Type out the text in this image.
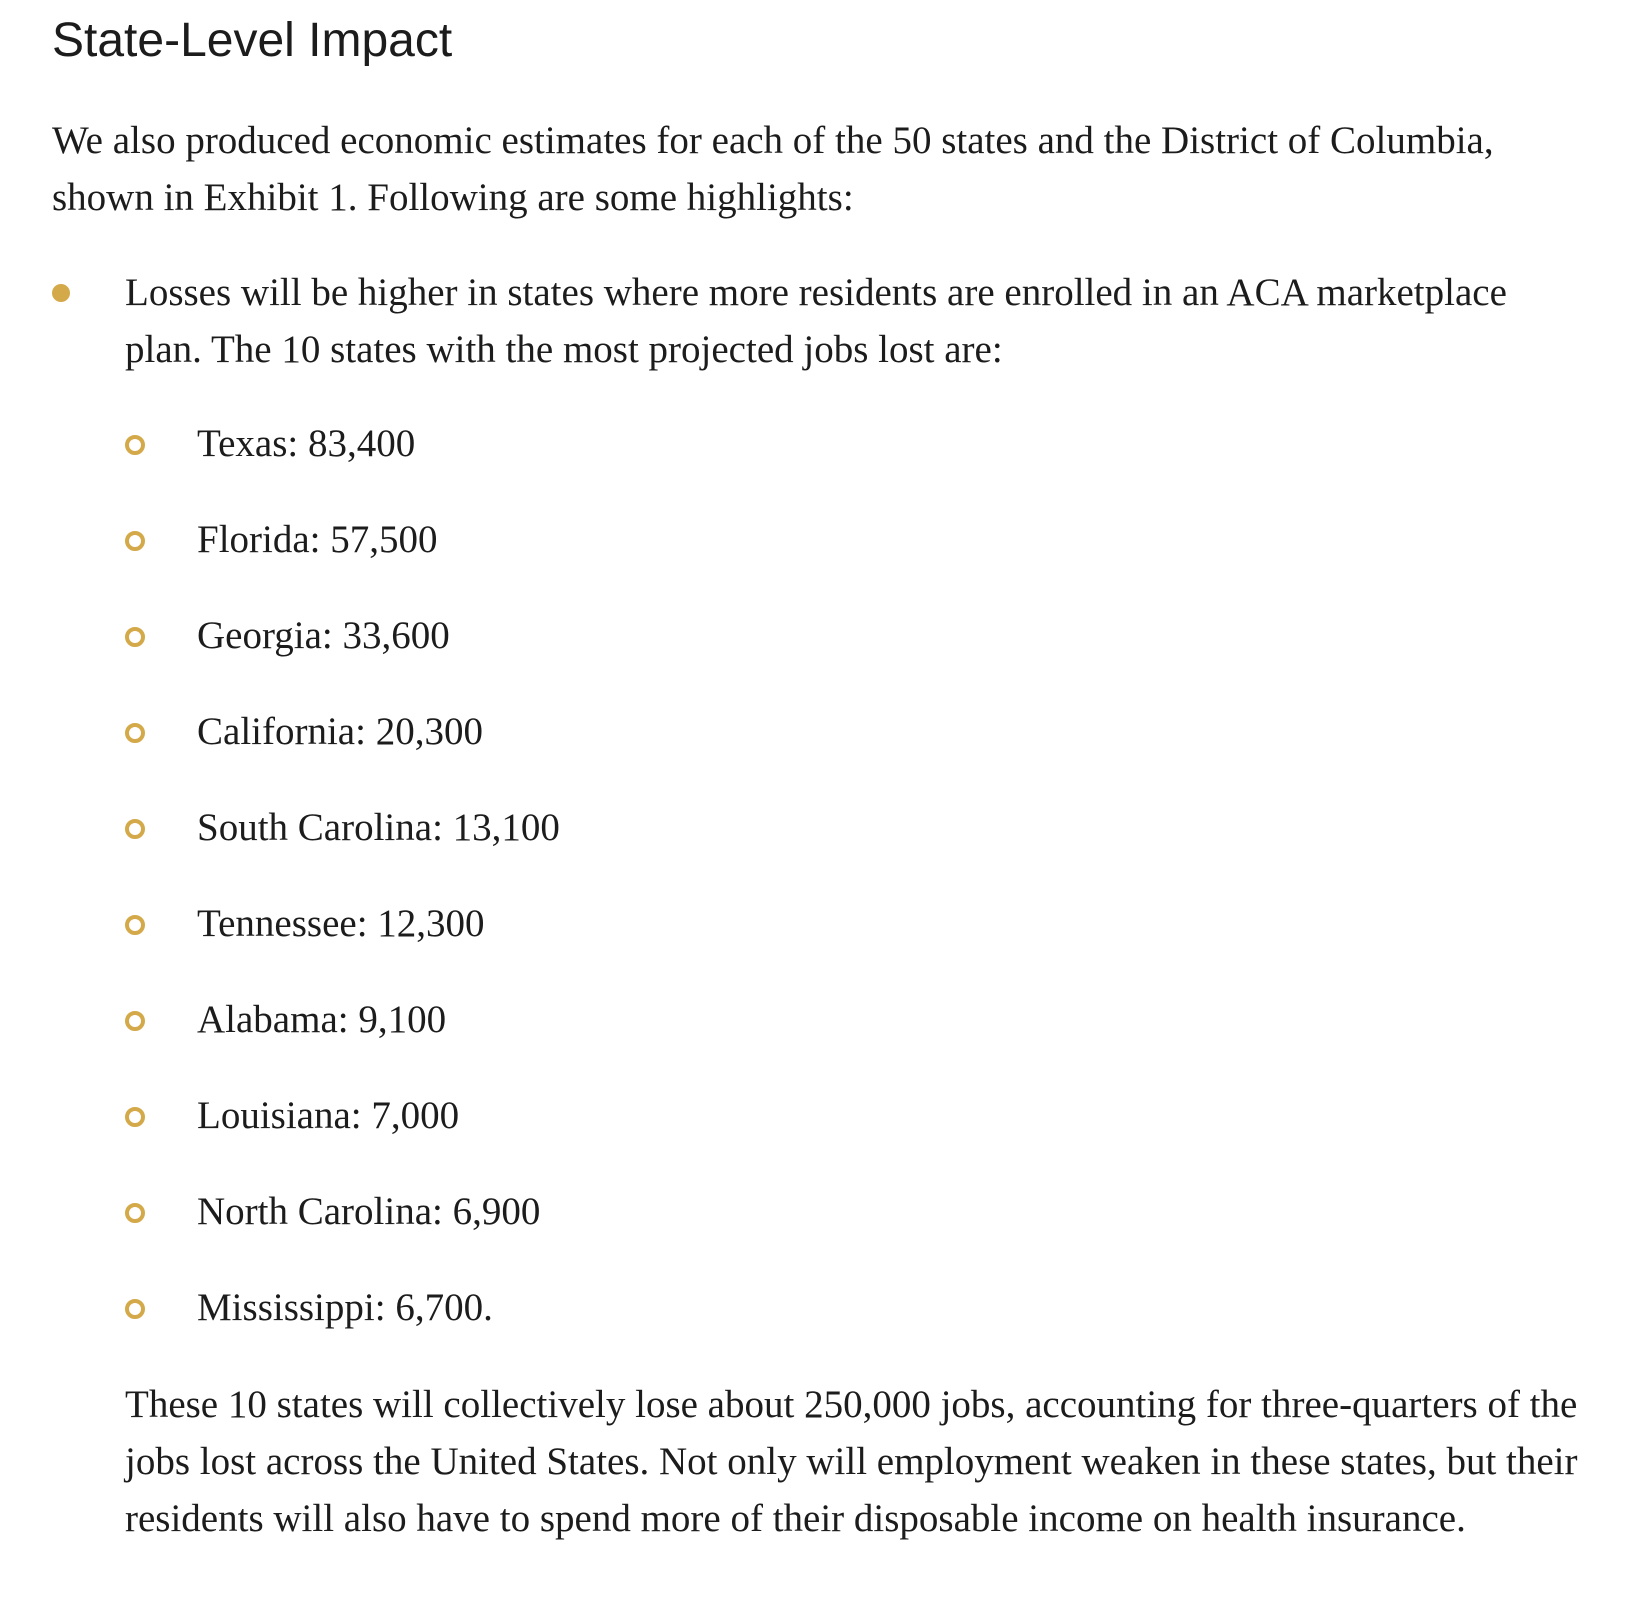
State-Level Impact

We also produced economic estimates for each of the 50 states and the District of Columbia, shown in Exhibit 1. Following are some highlights:

Losses will be higher in states where more residents are enrolled in an ACA marketplace plan. The 10 states with the most projected jobs lost are:

Texas: 83,400
Florida: 57,500
Georgia: 33,600
California: 20,300
South Carolina: 13,100
Tennessee: 12,300
Alabama: 9,100
Louisiana: 7,000
North Carolina: 6,900
Mississippi: 6,700.

These 10 states will collectively lose about 250,000 jobs, accounting for three-quarters of the jobs lost across the United States. Not only will employment weaken in these states, but their residents will also have to spend more of their disposable income on health insurance.
